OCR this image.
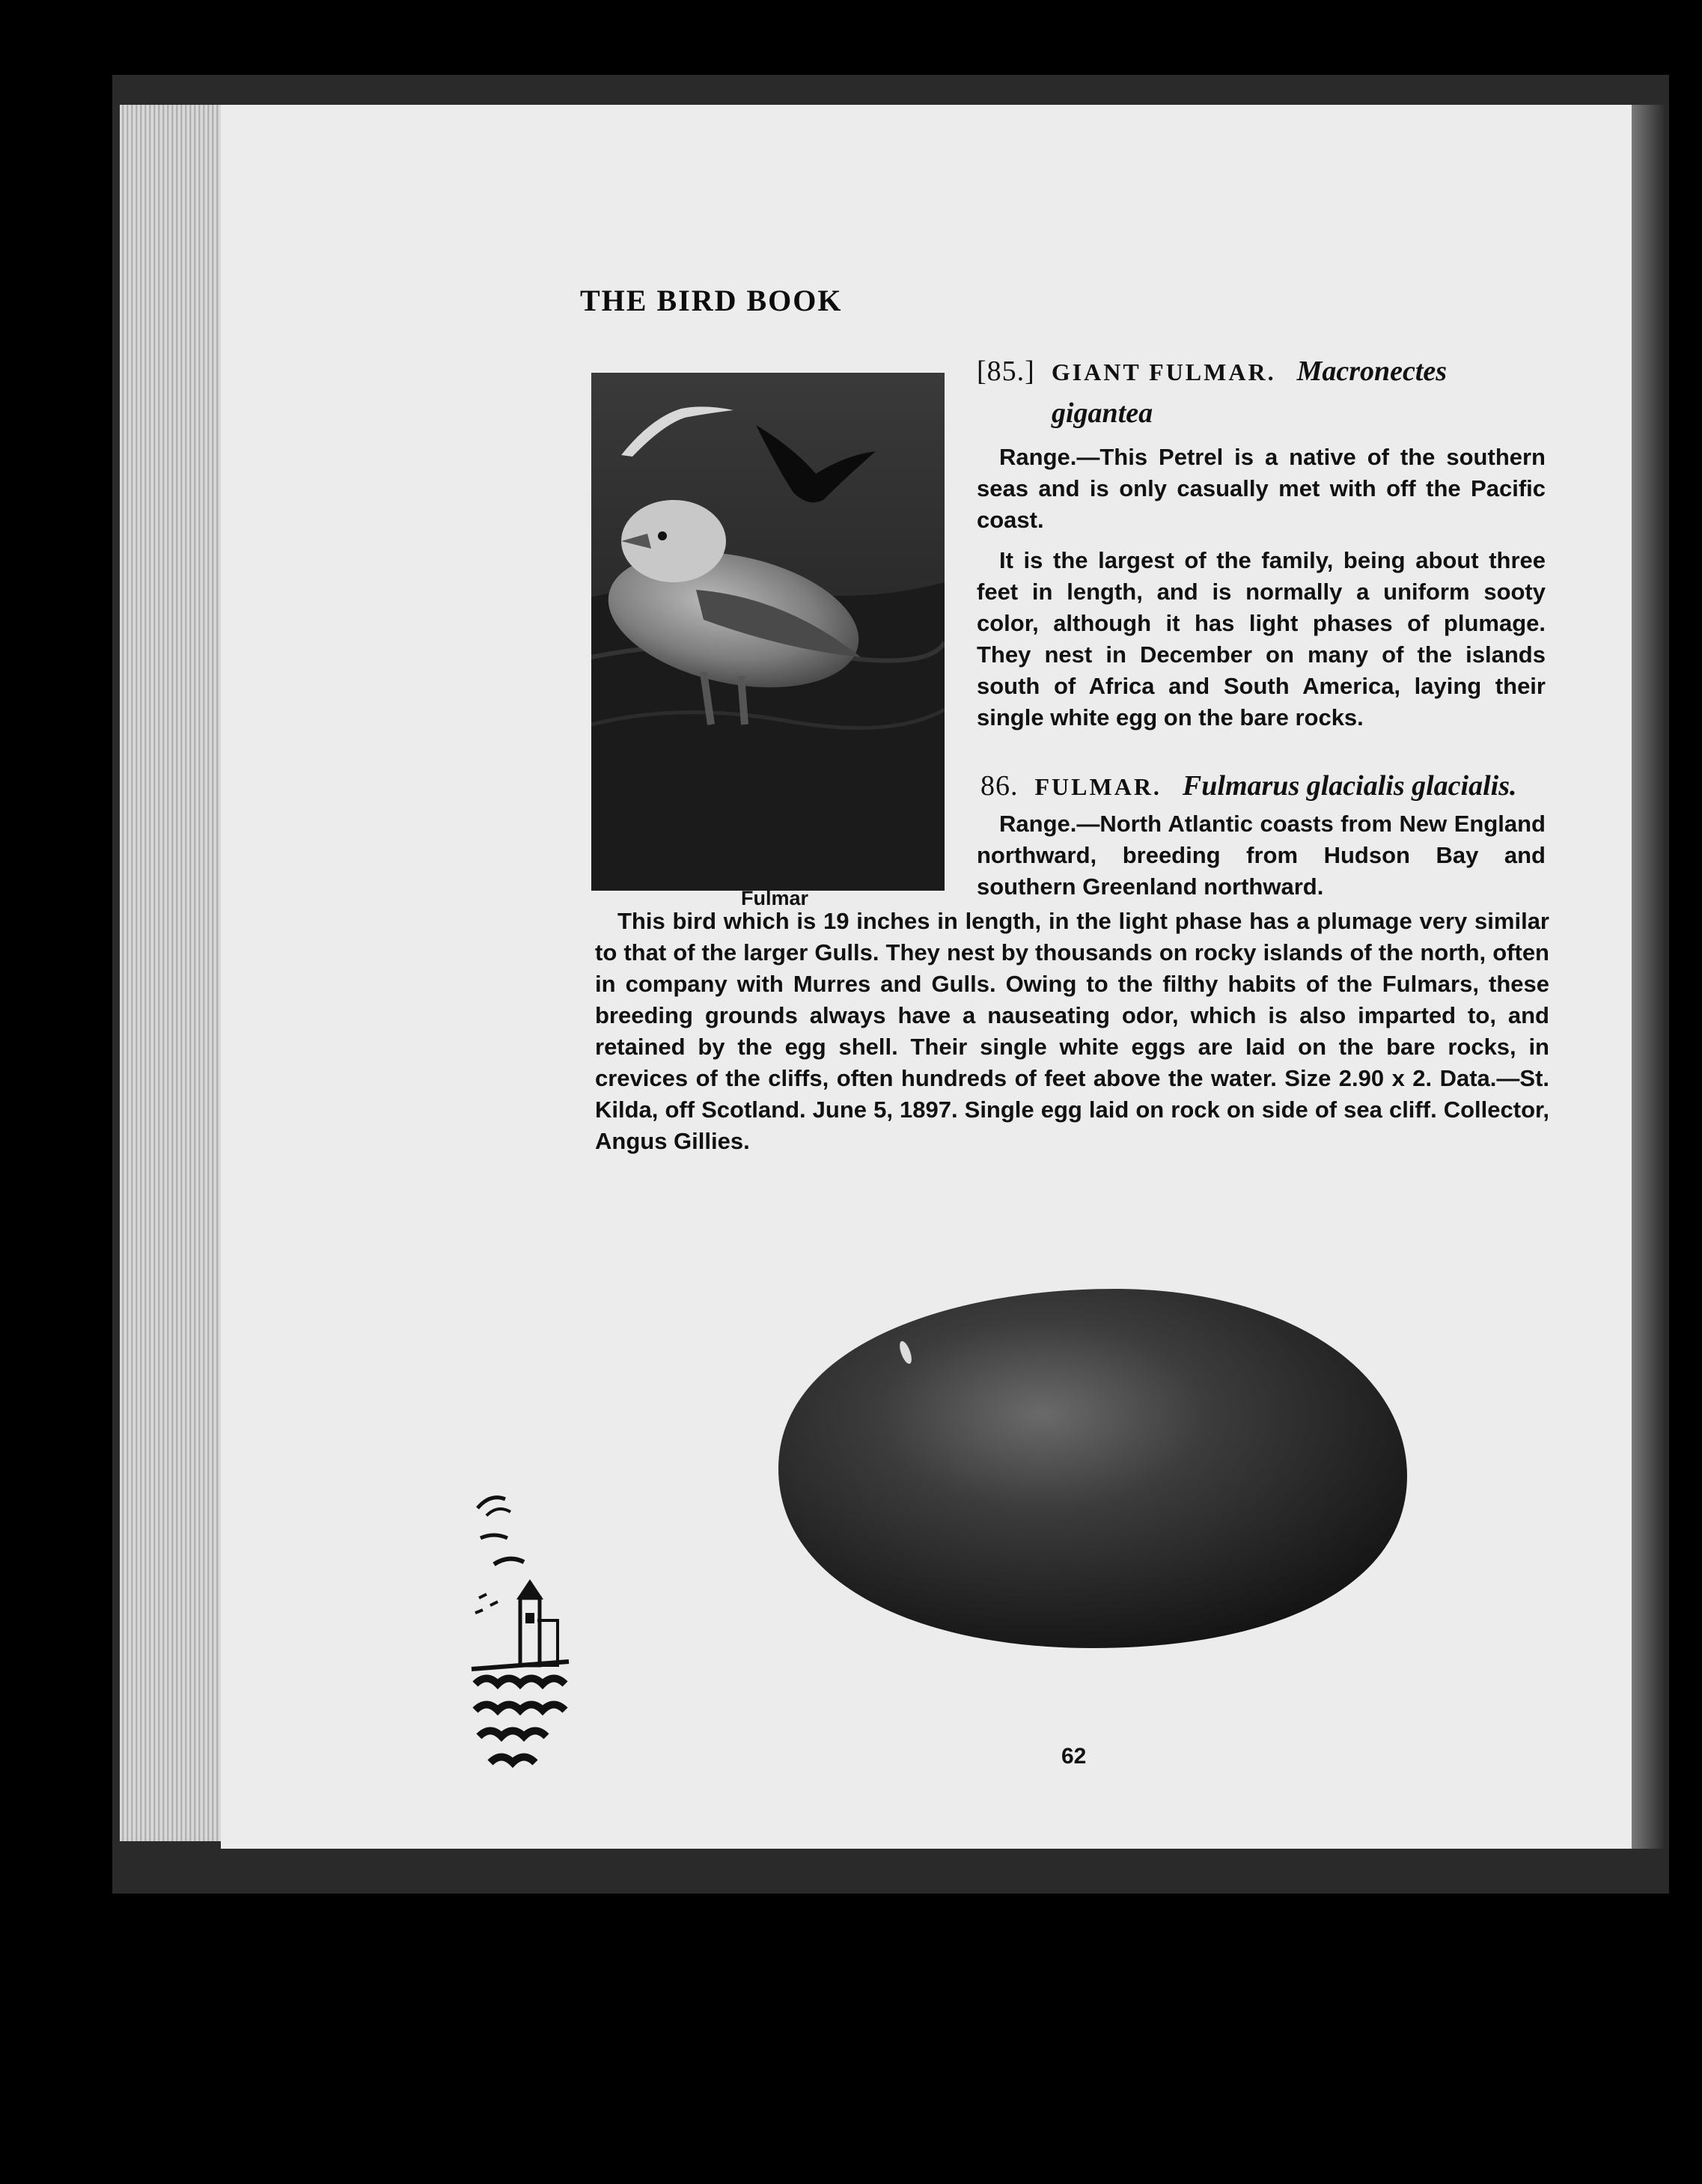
THE BIRD BOOK
Fulmar
[85.] GIANT FULMAR. Macronectes
gigantea

Range.—This Petrel is a native of the southern seas and is only casually met with off the Pacific coast.

It is the largest of the family, being about three feet in length, and is normally a uniform sooty color, although it has light phases of plumage. They nest in December on many of the islands south of Africa and South America, laying their single white egg on the bare rocks.

86. FULMAR. Fulmarus glacialis glacialis.

Range.—North Atlantic coasts from New England northward, breeding from Hudson Bay and southern Greenland northward.

This bird which is 19 inches in length, in the light phase has a plumage very similar to that of the larger Gulls. They nest by thousands on rocky islands of the north, often in company with Murres and Gulls. Owing to the filthy habits of the Fulmars, these breeding grounds always have a nauseating odor, which is also imparted to, and retained by the egg shell. Their single white eggs are laid on the bare rocks, in crevices of the cliffs, often hundreds of feet above the water. Size 2.90 x 2. Data.—St. Kilda, off Scotland. June 5, 1897. Single egg laid on rock on side of sea cliff. Collector, Angus Gillies.

62
